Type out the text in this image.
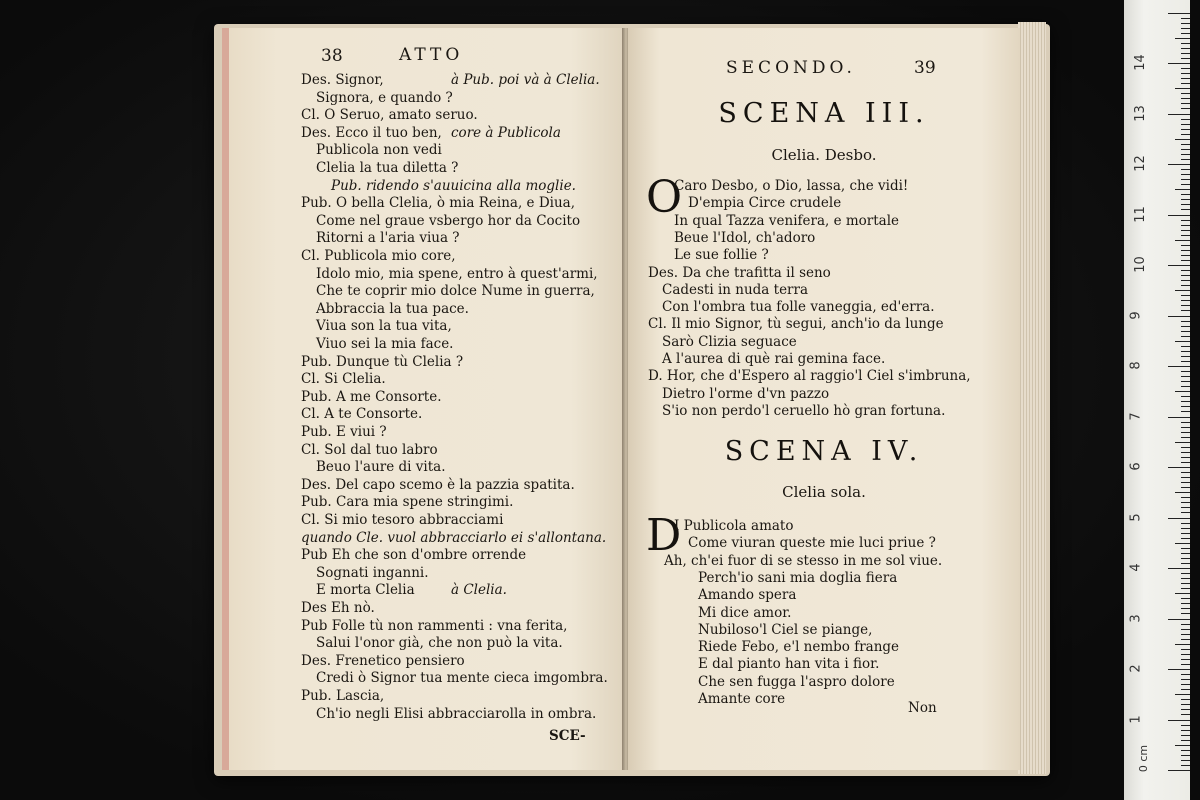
38	ATTO
Des. Signor,	à Pub. poi và à Clelia.
Signora, e quando ?
Cl. O Seruo, amato seruo.
Des. Ecco il tuo ben, core à Publicola
Publicola non vedi
Clelia la tua diletta ?
Pub. ridendo s'auuicina alla moglie.
Pub. O bella Clelia, ò mia Reina, e Diua,
Come nel graue vsbergo hor da Cocito
Ritorni a l'aria viua ?
Cl. Publicola mio core,
Idolo mio, mia spene, entro à quest'armi,
Che te coprir mio dolce Nume in guerra,
Abbraccia la tua pace.
Viua son la tua vita,
Viuo sei la mia face.
Pub. Dunque tù Clelia ?
Cl. Si Clelia.
Pub. A me Consorte.
Cl. A te Consorte.
Pub. E viui ?
Cl. Sol dal tuo labro
Beuo l'aure di vita.
Des. Del capo scemo è la pazzia spatita.
Pub. Cara mia spene stringimi.
Cl. Si mio tesoro abbracciami
quando Cle. vuol abbracciarlo ei s'allontana.
Pub Eh che son d'ombre orrende
Sognati inganni.
E morta Clelia	à Clelia.
Des Eh nò.
Pub Folle tù non rammenti : vna ferita,
Salui l'onor già, che non può la vita.
Des. Frenetico pensiero
Credi ò Signor tua mente cieca imgombra.
Pub. Lascia,
Ch'io negli Elisi abbracciarolla in ombra.
SCE-
SECONDO.	39
SCENA III.
Clelia. Desbo.
O
Caro Desbo, o Dio, lassa, che vidi!
D'empia Circe crudele
In qual Tazza venifera, e mortale
Beue l'Idol, ch'adoro
Le sue follie ?
Des. Da che trafitta il seno
Cadesti in nuda terra
Con l'ombra tua folle vaneggia, ed'erra.
Cl. Il mio Signor, tù segui, anch'io da lunge
Sarò Clizia seguace
A l'aurea di què rai gemina face.
D. Hor, che d'Espero al raggio'l Ciel s'imbruna,
Dietro l'orme d'vn pazzo
S'io non perdo'l ceruello hò gran fortuna.
SCENA IV.
Clelia sola.
D
I Publicola amato
Come viuran queste mie luci priue ?
Ah, ch'ei fuor di se stesso in me sol viue.
Perch'io sani mia doglia fiera
Amando spera
Mi dice amor.
Nubiloso'l Ciel se piange,
Riede Febo, e'l nembo frange
E dal pianto han vita i fior.
Che sen fugga l'aspro dolore
Amante core
Non
1
2
3
4
5
6
7
8
9
10
11
12
13
14
0 cm
